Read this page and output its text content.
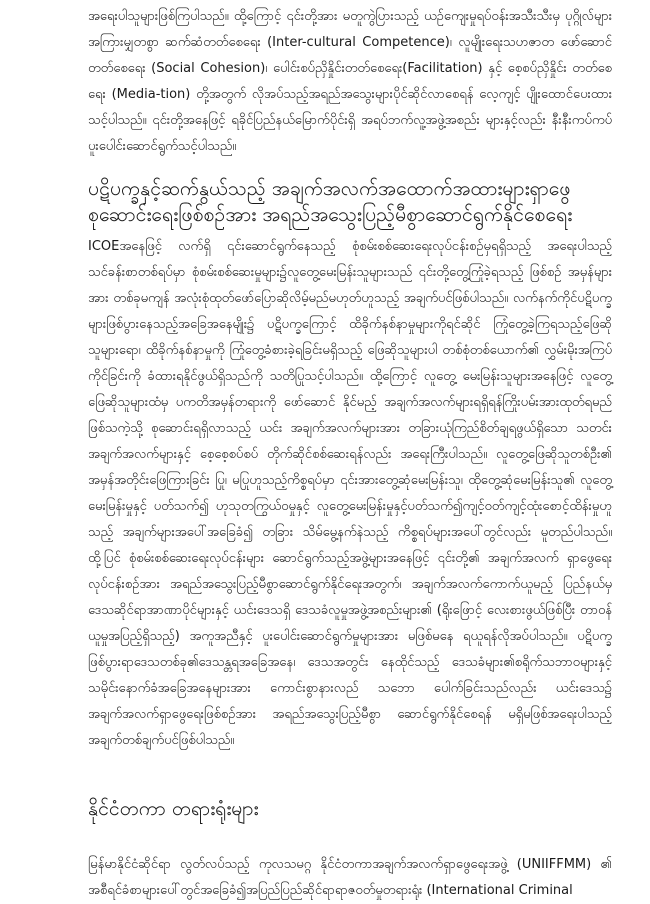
အရေးပါသူများဖြစ်ကြပါသည်။ ထို့ကြောင့် ၎င်းတို့အား မတူကွဲပြားသည့် ယဉ်ကျေးမှုရပ်ဝန်းအသီးသီးမှ ပုဂ္ဂိုလ်များအကြားမျှတစွာ ဆက်ဆံတတ်စေရေး (Inter-cultural Competence)၊ လူမျိုးရေးသဟဇာတ ဖော်ဆောင်တတ်စေရေး (Social Cohesion)၊ ပေါင်းစပ်ညှိနှိုင်းတတ်စေရေး(Facilitation) နှင့် စေ့စပ်ညှိနှိုင်း တတ်စေရေး (Media-tion) တို့အတွက် လိုအပ်သည့်အရည်အသွေးများပိုင်ဆိုင်လာစေရန် လေ့ကျင့် ပျိုးထောင်ပေးထားသင့်ပါသည်။ ၎င်းတို့အနေဖြင့် ရခိုင်ပြည်နယ်မြောက်ပိုင်းရှိ အရပ်ဘက်လူ့အဖွဲ့အစည်း များနှင့်လည်း နီးနီးကပ်ကပ် ပူးပေါင်းဆောင်ရွက်သင့်ပါသည်။

ပဋိပက္ခနှင့်ဆက်နွယ်သည့် အချက်အလက်အထောက်အထားများရှာဖွေစုဆောင်းရေးဖြစ်စဉ်အား အရည်အသွေးပြည့်မီစွာဆောင်ရွက်နိုင်စေရေး

ICOEအနေဖြင့် လက်ရှိ ၎င်းဆောင်ရွက်နေသည့် စုံစမ်းစစ်ဆေးရေးလုပ်ငန်းစဉ်မှရရှိသည့် အရေးပါသည့် သင်ခန်းစာတစ်ရပ်မှာ စုံစမ်းစစ်ဆေးမှုများ၌လူတွေ့မေးမြန်းသူများသည် ၎င်းတို့တွေ့ကြုံခဲ့ရသည့် ဖြစ်စဉ် အမှန်များအား တစ်ခုမကျန် အလုံးစုံထုတ်ဖော်ပြောဆိုလိမ့်မည်မဟုတ်ဟူသည့် အချက်ပင်ဖြစ်ပါသည်။ လက်နက်ကိုင်ပဋိပက္ခများဖြစ်ပွားနေသည့်အခြေအနေမျိုး၌ ပဋိပက္ခကြောင့် ထိခိုက်နစ်နာမှုများကိုရင်ဆိုင် ကြုံတွေ့ခဲ့ကြရသည့်ဖြေဆိုသူများရော၊ ထိခိုက်နစ်နာမှုကို ကြုံတွေ့ခံစားခဲ့ရခြင်းမရှိသည့် ဖြေဆိုသူများပါ တစ်စုံတစ်ယောက်၏ လွှမ်းမိုးအကြပ်ကိုင်ခြင်းကို ခံထားရနိုင်ဖွယ်ရှိသည်ကို သတိပြုသင့်ပါသည်။ ထို့ကြောင့် လူတွေ့ မေးမြန်းသူများအနေဖြင့် လူတွေ့ဖြေဆိုသူများထံမှ ပကတိအမှန်တရားကို ဖော်ဆောင် နိုင်မည့် အချက်အလက်များရရှိရန်ကြိုးပမ်းအားထုတ်ရမည်ဖြစ်သကဲ့သို့ စုဆောင်းရရှိလာသည့် ယင်း အချက်အလက်များအား တခြားယုံကြည်စိတ်ချရဖွယ်ရှိသော သတင်းအချက်အလက်များနှင့် စေ့စေ့စပ်စပ် တိုက်ဆိုင်စစ်ဆေးရန်လည်း အရေးကြီးပါသည်။ လူတွေ့ဖြေဆိုသူတစ်ဦး၏ အမှန်အတိုင်းဖြေကြားခြင်း ပြု၊ မပြုဟူသည့်ကိစ္စရပ်မှာ ၎င်းအားတွေ့ဆုံမေးမြန်းသူ၊ ထိုတွေ့ဆုံမေးမြန်းသူ၏ လူတွေ့ မေးမြန်းမှုနှင့် ပတ်သက်၍ ဟုသုတကြွယ်ဝမှုနှင့် လူတွေ့မေးမြန်းမှုနှင့်ပတ်သက်၍ကျင့်ဝတ်ကျင့်ထုံးစောင့်ထိန်းမှုဟူသည့် အချက်များအပေါ်အခြေခံ၍ တခြား သိမ်မွေ့နက်နဲသည့် ကိစ္စရပ်များအပေါ်တွင်လည်း မူတည်ပါသည်။ ထို့ပြင် စုံစမ်းစစ်ဆေးရေးလုပ်ငန်းများ ဆောင်ရွက်သည့်အဖွဲ့များအနေဖြင့် ၎င်းတို့၏ အချက်အလက် ရှာဖွေရေး လုပ်ငန်းစဉ်အား အရည်အသွေးပြည့်မီစွာဆောင်ရွက်နိုင်ရေးအတွက်၊ အချက်အလက်ကောက်ယူမည့် ပြည်နယ်မှ ဒေသဆိုင်ရာအာဏာပိုင်များနှင့် ယင်းဒေသရှိ ဒေသခံလူမှုအဖွဲ့အစည်းများ၏ (ရိုးဖြောင့် လေးစားဖွယ်ဖြစ်ပြီး တာဝန်ယူမှုအပြည့်ရှိသည့်) အကူအညီနှင့် ပူးပေါင်းဆောင်ရွက်မှုများအား မဖြစ်မနေ ရယူရန်လိုအပ်ပါသည်။ ပဋိပက္ခဖြစ်ပွားရာဒေသတစ်ခု၏ဒေသန္တရအခြေအနေ၊ ဒေသအတွင်း နေထိုင်သည့် ဒေသခံများ၏စရိုက်သဘာဝများနှင့် သမိုင်းနောက်ခံအခြေအနေများအား ကောင်းစွာနားလည် သဘော ပေါက်ခြင်းသည်လည်း ယင်းဒေသ၌ အချက်အလက်ရှာဖွေရေးဖြစ်စဉ်အား အရည်အသွေးပြည့်မီစွာ ဆောင်ရွက်နိုင်စေရန် မရှိမဖြစ်အရေးပါသည့် အချက်တစ်ချက်ပင်ဖြစ်ပါသည်။

နိုင်ငံတကာ တရားရုံးများ

မြန်မာနိုင်ငံဆိုင်ရာ လွတ်လပ်သည့် ကုလသမဂ္ဂ နိုင်ငံတကာအချက်အလက်ရှာဖွေရေးအဖွဲ့ (UNIIFFMM) ၏ အစီရင်ခံစာများပေါ်တွင်အခြေခံ၍အပြည်ပြည်ဆိုင်ရာရာဇဝတ်မှုတရားရုံး (International Criminal
